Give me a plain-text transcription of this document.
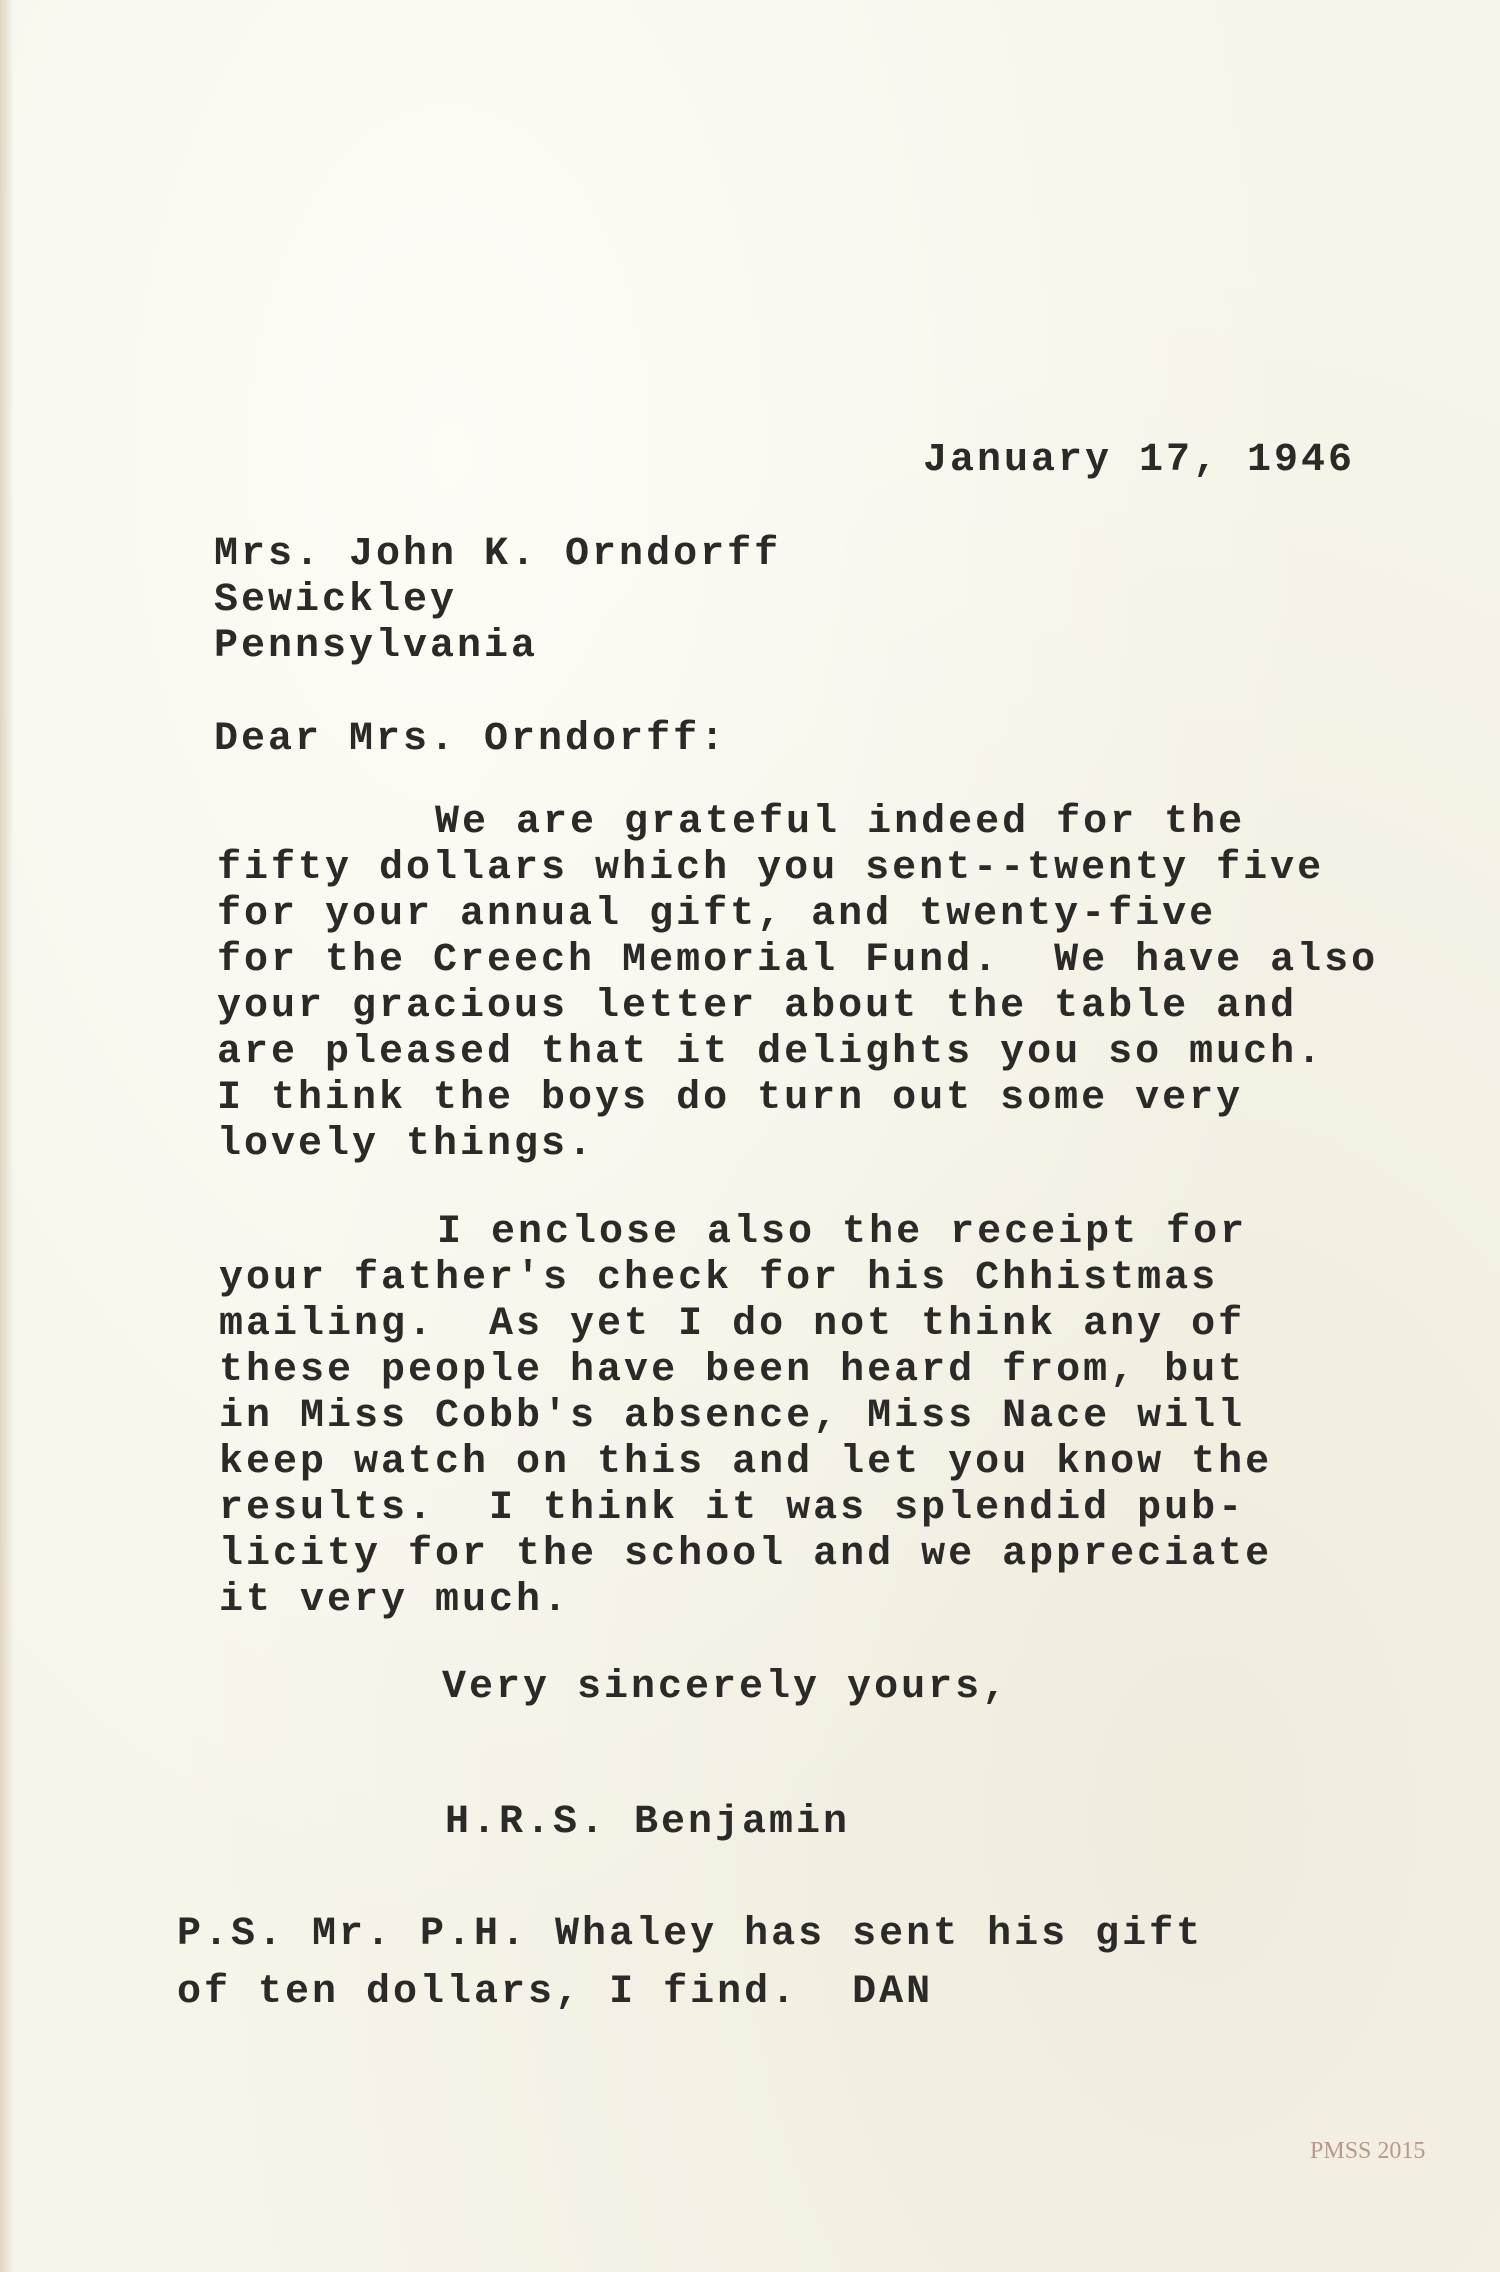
January 17, 1946
Mrs. John K. Orndorff
Sewickley
Pennsylvania
Dear Mrs. Orndorff:
We are grateful indeed for the
fifty dollars which you sent--twenty five
for your annual gift, and twenty-five
for the Creech Memorial Fund.  We have also
your gracious letter about the table and
are pleased that it delights you so much.
I think the boys do turn out some very
lovely things.
I enclose also the receipt for
your father's check for his Chhistmas
mailing.  As yet I do not think any of
these people have been heard from, but
in Miss Cobb's absence, Miss Nace will
keep watch on this and let you know the
results.  I think it was splendid pub-
licity for the school and we appreciate
it very much.
Very sincerely yours,
H.R.S. Benjamin
P.S. Mr. P.H. Whaley has sent his gift
of ten dollars, I find.  DAN
PMSS 2015
